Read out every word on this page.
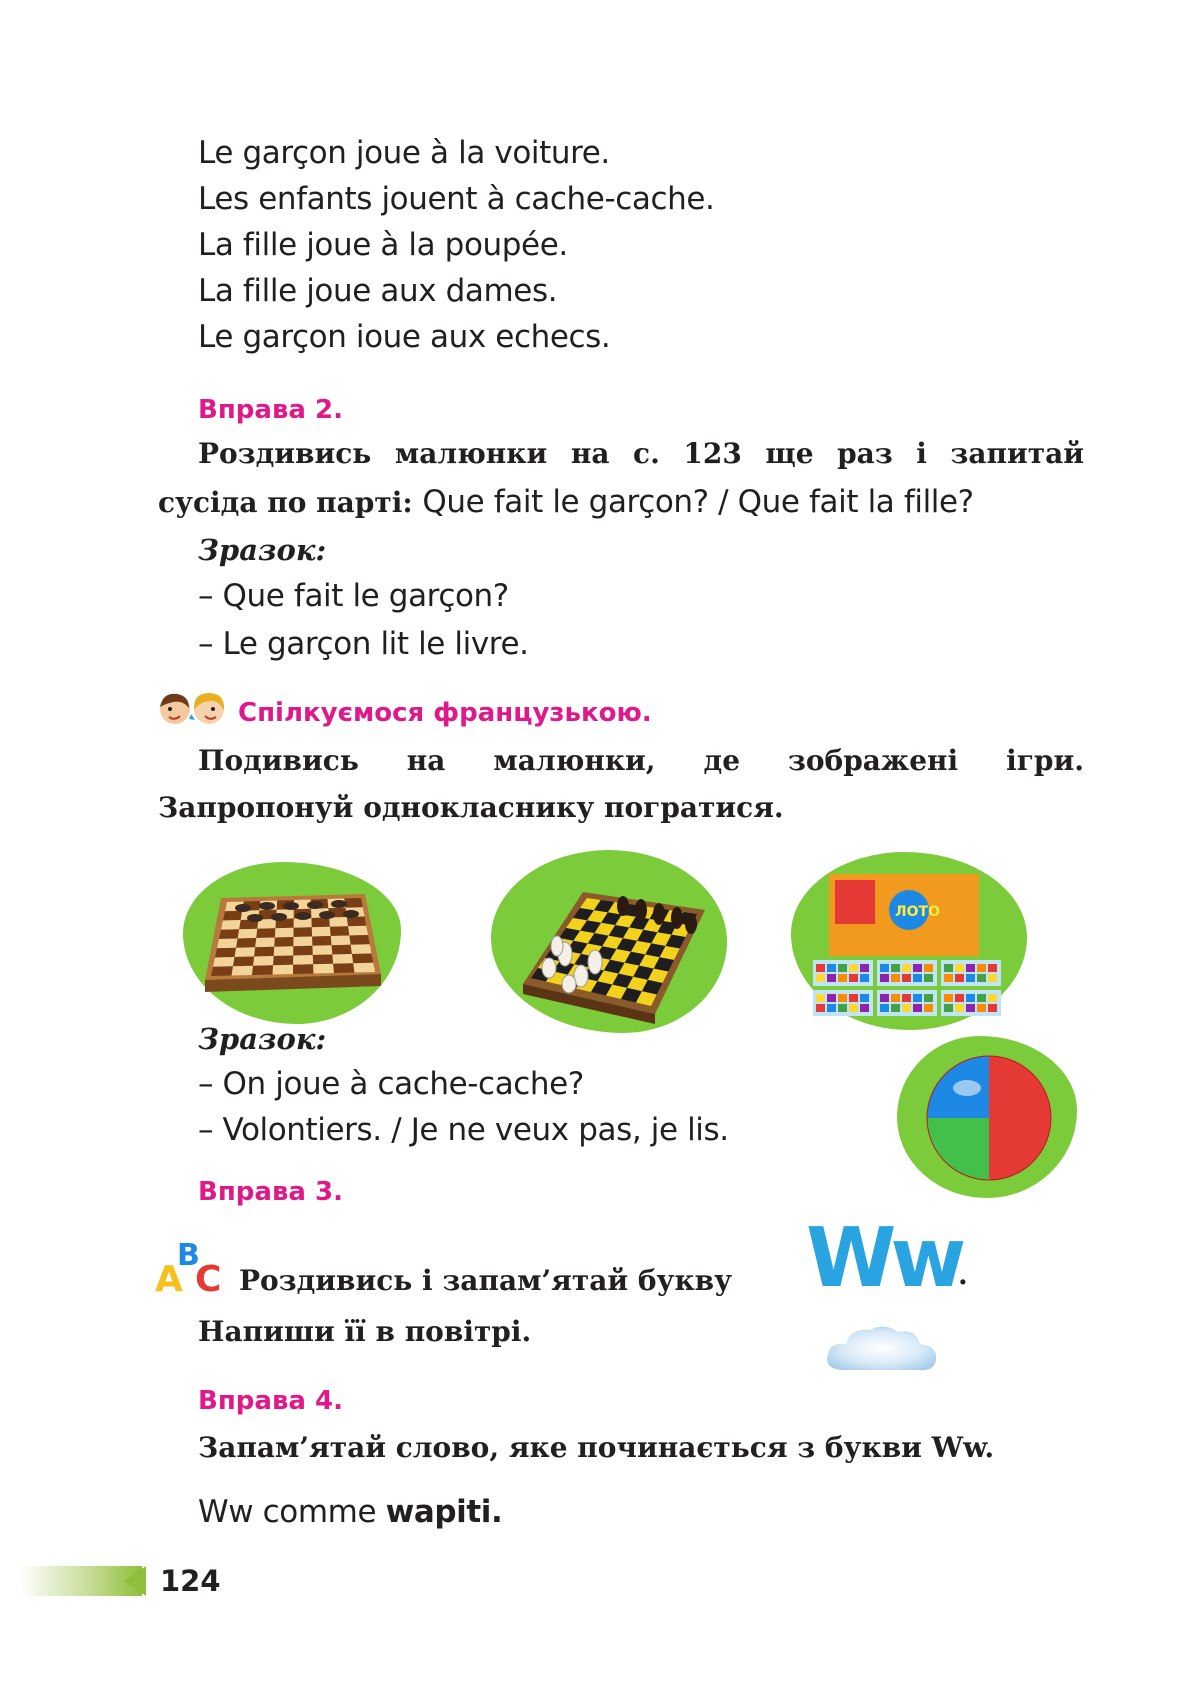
Le garçon joue à la voiture.
Les enfants jouent à cache-cache.
La fille joue à la poupée.
La fille joue aux dames.
Le garçon ioue aux echecs.
Вправа 2.
Роздивись малюнки на с. 123 ще раз і запитай
сусіда по парті: Que fait le garçon? / Que fait la fille?
Зразок:
– Que fait le garçon?
– Le garçon lit le livre.
Спілкуємося французькою.
Подивись на малюнки, де зображені ігри.
Запропонуй однокласнику погратися.
ЛОТО
Зразок:
– On joue à cache-cache?
– Volontiers. / Je ne veux pas, je lis.
Вправа 3.
A
B
C Роздивись і запам’ятай букву Ww
.
Напиши її в повітрі.
Вправа 4.
Запам’ятай слово, яке починається з букви Ww.
Ww comme wapiti.
124
